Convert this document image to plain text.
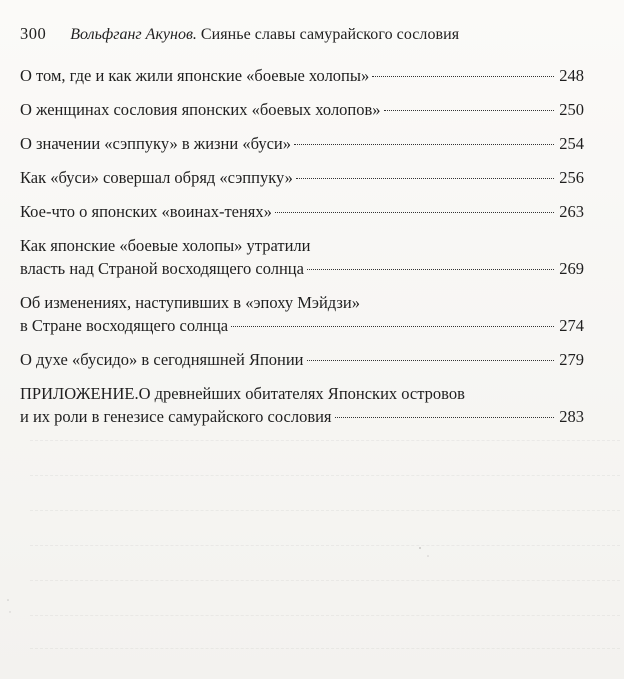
300 Вольфганг Акунов. Сиянье славы самурайского сословия
О том, где и как жили японские «боевые холопы»	248
О женщинах сословия японских «боевых холопов»	250
О значении «сэппуку» в жизни «буси»	254
Как «буси» совершал обряд «сэппуку»	256
Кое-что о японских «воинах-тенях»	263
Как японские «боевые холопы» утратили
власть над Страной восходящего солнца	269
Об изменениях, наступивших в «эпоху Мэйдзи»
в Стране восходящего солнца	274
О духе «бусидо» в сегодняшней Японии	279
ПРИЛОЖЕНИЕ.О древнейших обитателях Японских островов
и их роли в генезисе самурайского сословия	283
